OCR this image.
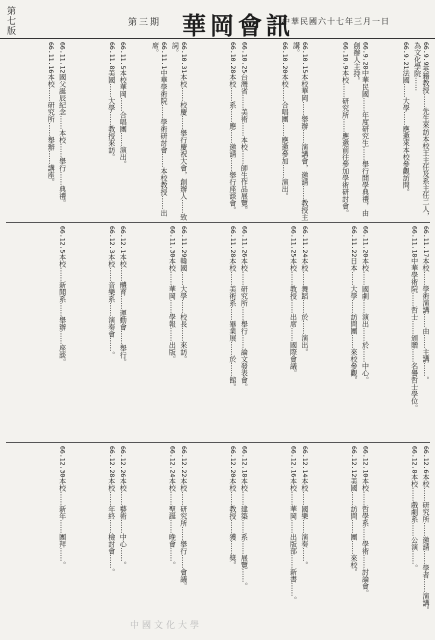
第七版	第三期 華岡會訊
中華民國六十七年三月一日
66.9.9英籍教授……先生來訪本校王主任及系主任二人，為文化學院……
66.9.21法國……大學……應邀來本校參觀訪問。
66.9.28中華民國……年度研究生……舉行開學典禮，由創辦人主持。
66.10.9本校……研究所……應邀前往參加學術研討會。
66.10.15本校華岡……舉辦……演講會，邀請……教授主講。
66.10.20本校……合唱團……應邀參加……演出。
66.10.25台灣省……美術……本校……師生作品展覽。
66.10.28本校……系……應……邀請……舉行座談會。
66.10.31本校……校慶……舉行慶祝大會，創辦人……致詞。
66.11.1中華學術院……學術研討會……本校教授……出席。
66.11.5本校華岡……合唱團……演出。
66.11.8美國……大學……教授來訪。
66.11.12國父誕辰紀念……本校……舉行……典禮。
66.11.16本校……研究所……舉辦……講座。
66.11.17本校……學術演講……由……主講……。
66.11.18中華學術院……哲士……頒贈……名譽哲士學位。
66.11.20本校……國劇……演出……於……中心。
66.11.22日本……大學……訪問團……來校參觀。
66.11.24本校……舞蹈……於……演出。
66.11.25本校……教授……出席……國際會議。
66.11.26本校……研究所……舉行……論文發表會。
66.11.28本校……美術系……畢業展……於……館。
66.11.29韓國……大學……校長……來訪。
66.11.30本校……華岡……學報……出版。
66.12.1本校……體育……運動會……舉行。
66.12.3本校……音樂系……演奏會……。
66.12.5本校……新聞系……舉辦……座談。
66.12.6本校……研究所……邀請……學者……演講。
66.12.8本校……戲劇系……公演……。
66.12.10本校……哲學系……學術……討論會。
66.12.12美國……訪問……團……來校。
66.12.14本校……國樂……演奏……。
66.12.16本校……華岡……出版部……新書……。
66.12.18本校……建築……系……展覽……。
66.12.20本校……教授……獲……獎。
66.12.22本校……研究所……舉行……會議。
66.12.24本校……聖誕……晚會……。
66.12.26本校……藝術……中心……。
66.12.28本校……年終……檢討會……。
66.12.30本校……新年……團拜……。
中國文化大學
